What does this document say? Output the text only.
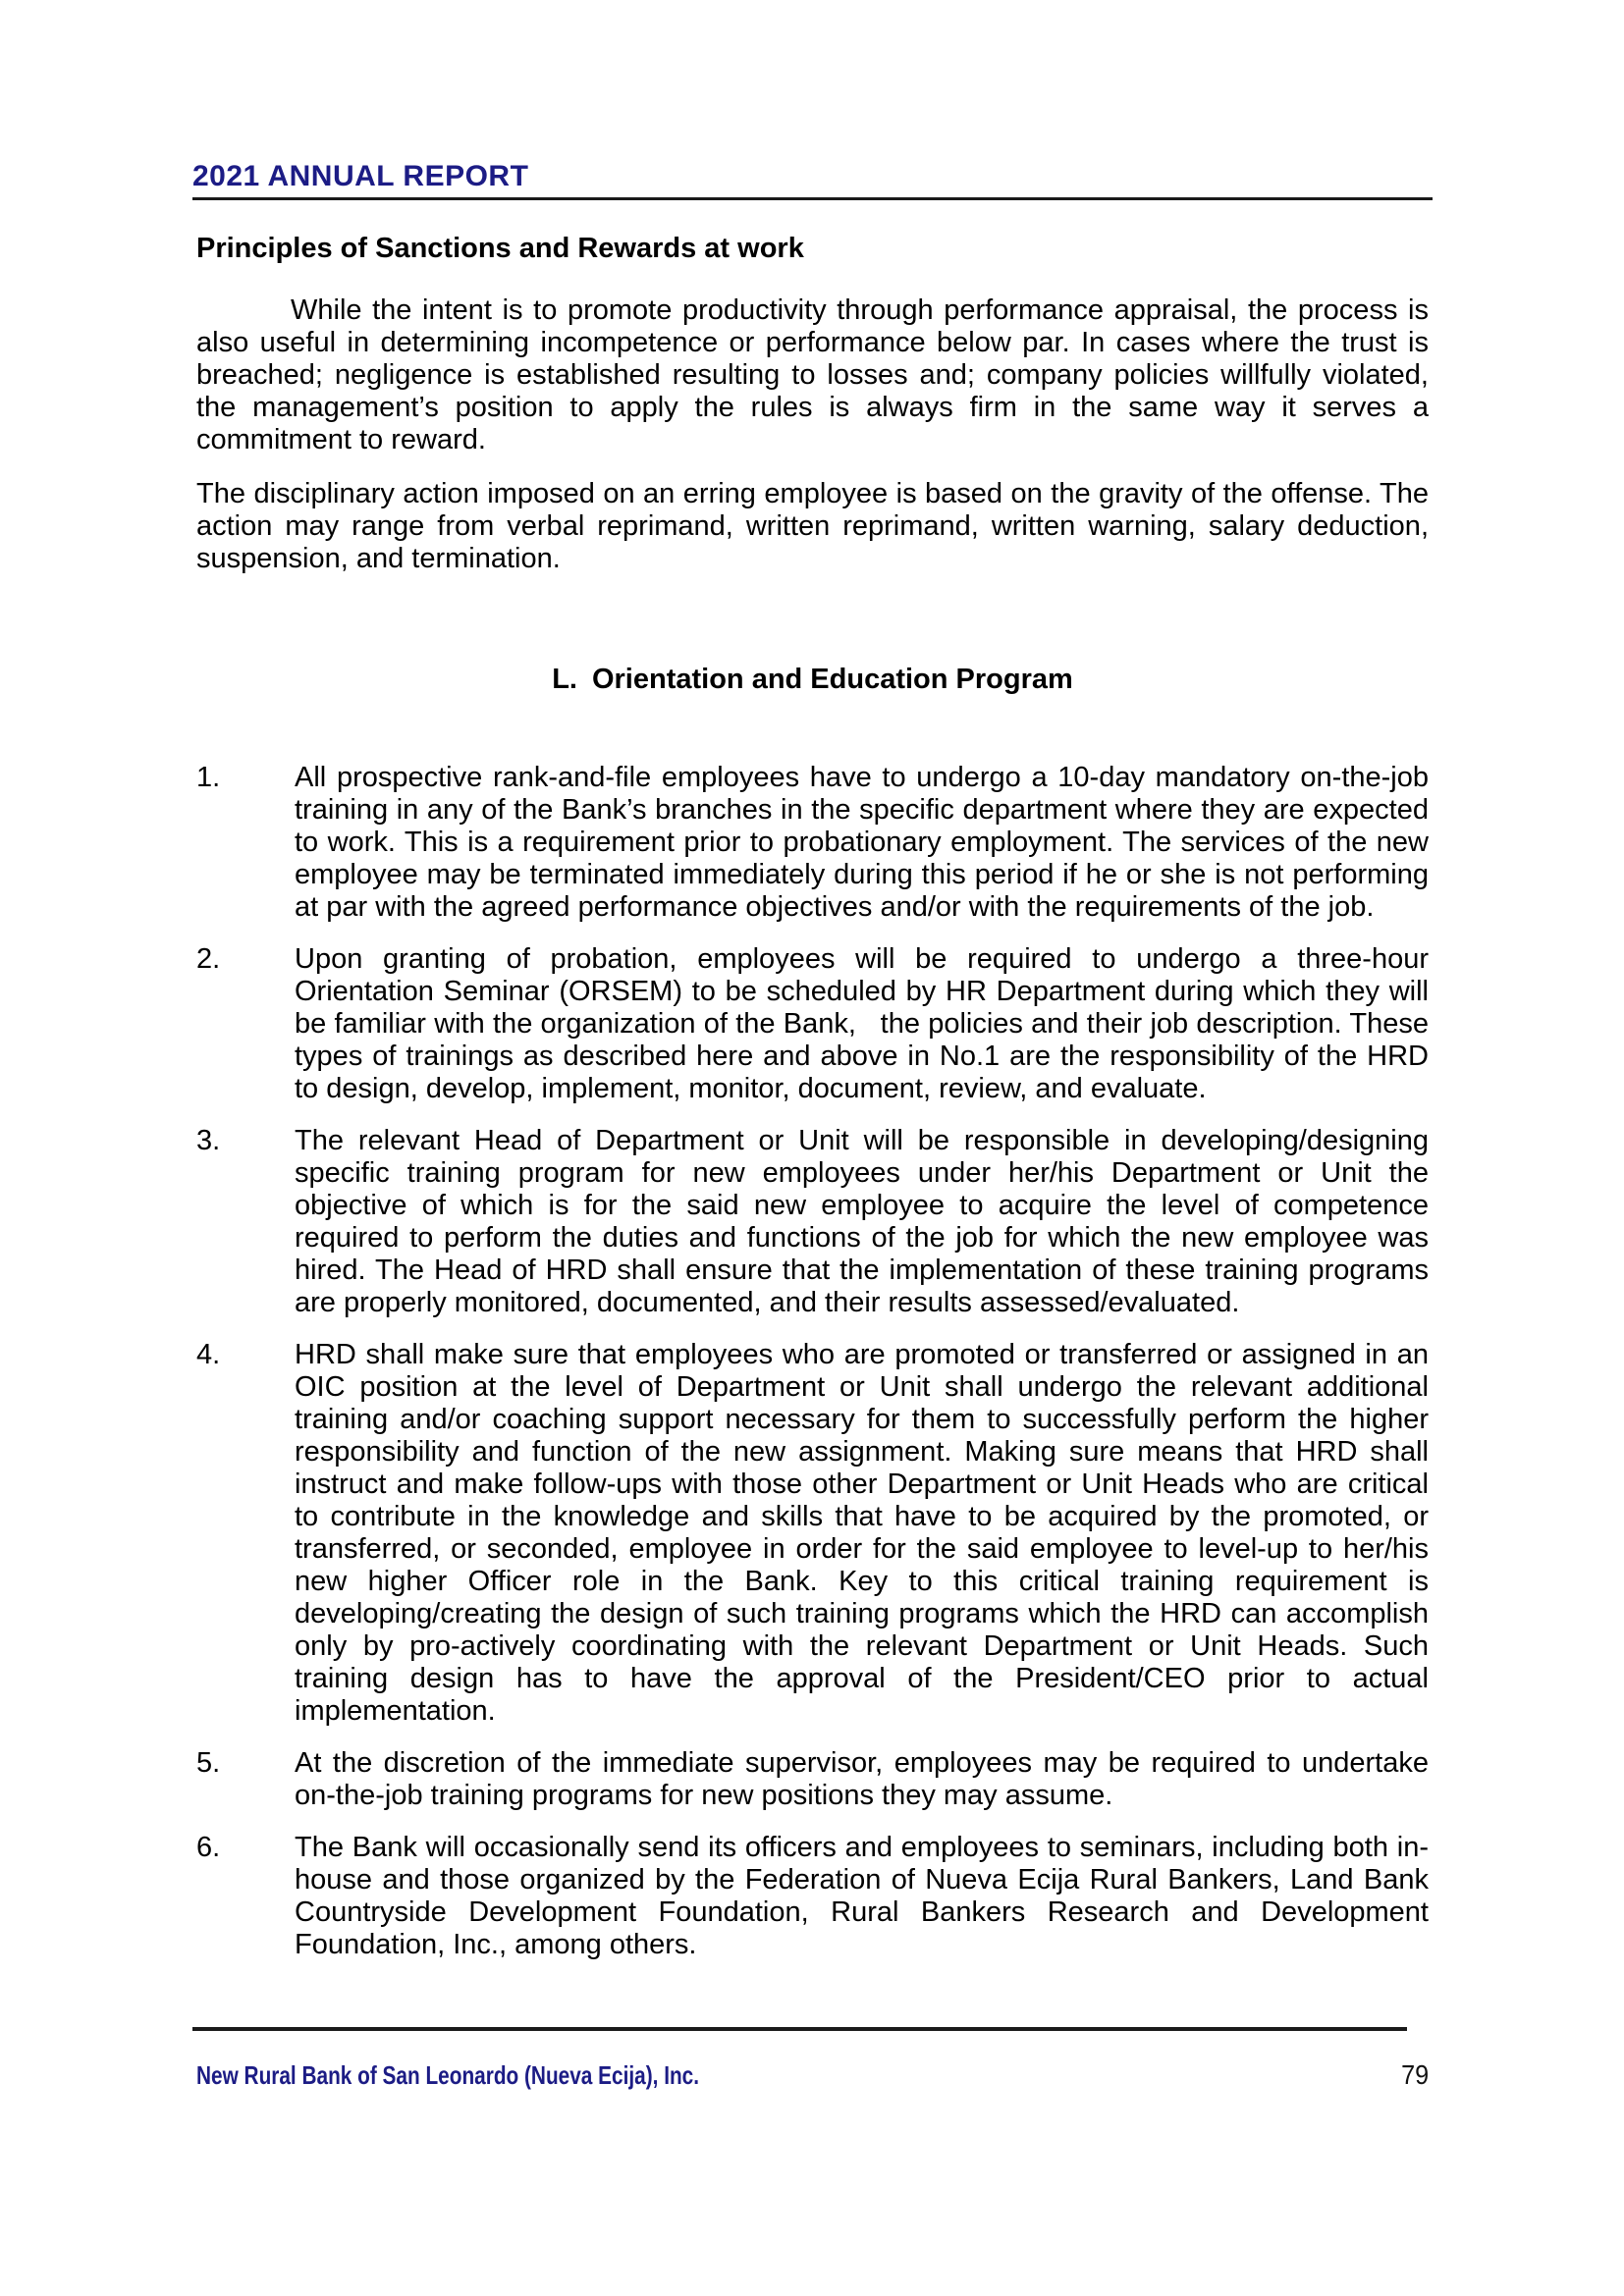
2021 ANNUAL REPORT
Principles of Sanctions and Rewards at work

While the intent is to promote productivity through performance appraisal, the process is also useful in determining incompetence or performance below par. In cases where the trust is breached; negligence is established resulting to losses and; company policies willfully violated, the management’s position to apply the rules is always firm in the same way it serves a commitment to reward.

The disciplinary action imposed on an erring employee is based on the gravity of the offense. The action may range from verbal reprimand, written reprimand, written warning, salary deduction, suspension, and termination.

L. Orientation and Education Program
1.	All prospective rank-and-file employees have to undergo a 10-day mandatory on-the-job training in any of the Bank’s branches in the specific department where they are expected to work. This is a requirement prior to probationary employment. The services of the new employee may be terminated immediately during this period if he or she is not performing at par with the agreed performance objectives and/or with the requirements of the job.
2.	Upon granting of probation, employees will be required to undergo a three-hour Orientation Seminar (ORSEM) to be scheduled by HR Department during which they will be familiar with the organization of the Bank,   the policies and their job description. These types of trainings as described here and above in No.1 are the responsibility of the HRD to design, develop, implement, monitor, document, review, and evaluate.
3.	The relevant Head of Department or Unit will be responsible in developing/designing specific training program for new employees under her/his Department or Unit the objective of which is for the said new employee to acquire the level of competence required to perform the duties and functions of the job for which the new employee was hired. The Head of HRD shall ensure that the implementation of these training programs are properly monitored, documented, and their results assessed/evaluated.
4.	HRD shall make sure that employees who are promoted or transferred or assigned in an OIC position at the level of Department or Unit shall undergo the relevant additional training and/or coaching support necessary for them to successfully perform the higher responsibility and function of the new assignment. Making sure means that HRD shall instruct and make follow-ups with those other Department or Unit Heads who are critical to contribute in the knowledge and skills that have to be acquired by the promoted, or transferred, or seconded, employee in order for the said employee to level-up to her/his new higher Officer role in the Bank. Key to this critical training requirement is developing/creating the design of such training programs which the HRD can accomplish only by pro-actively coordinating with the relevant Department or Unit Heads. Such training design has to have the approval of the President/CEO prior to actual implementation.
5.	At the discretion of the immediate supervisor, employees may be required to undertake on-the-job training programs for new positions they may assume.
6.	The Bank will occasionally send its officers and employees to seminars, including both in-house and those organized by the Federation of Nueva Ecija Rural Bankers, Land Bank Countryside Development Foundation, Rural Bankers Research and Development Foundation, Inc., among others.
New Rural Bank of San Leonardo (Nueva Ecija), Inc.	79
